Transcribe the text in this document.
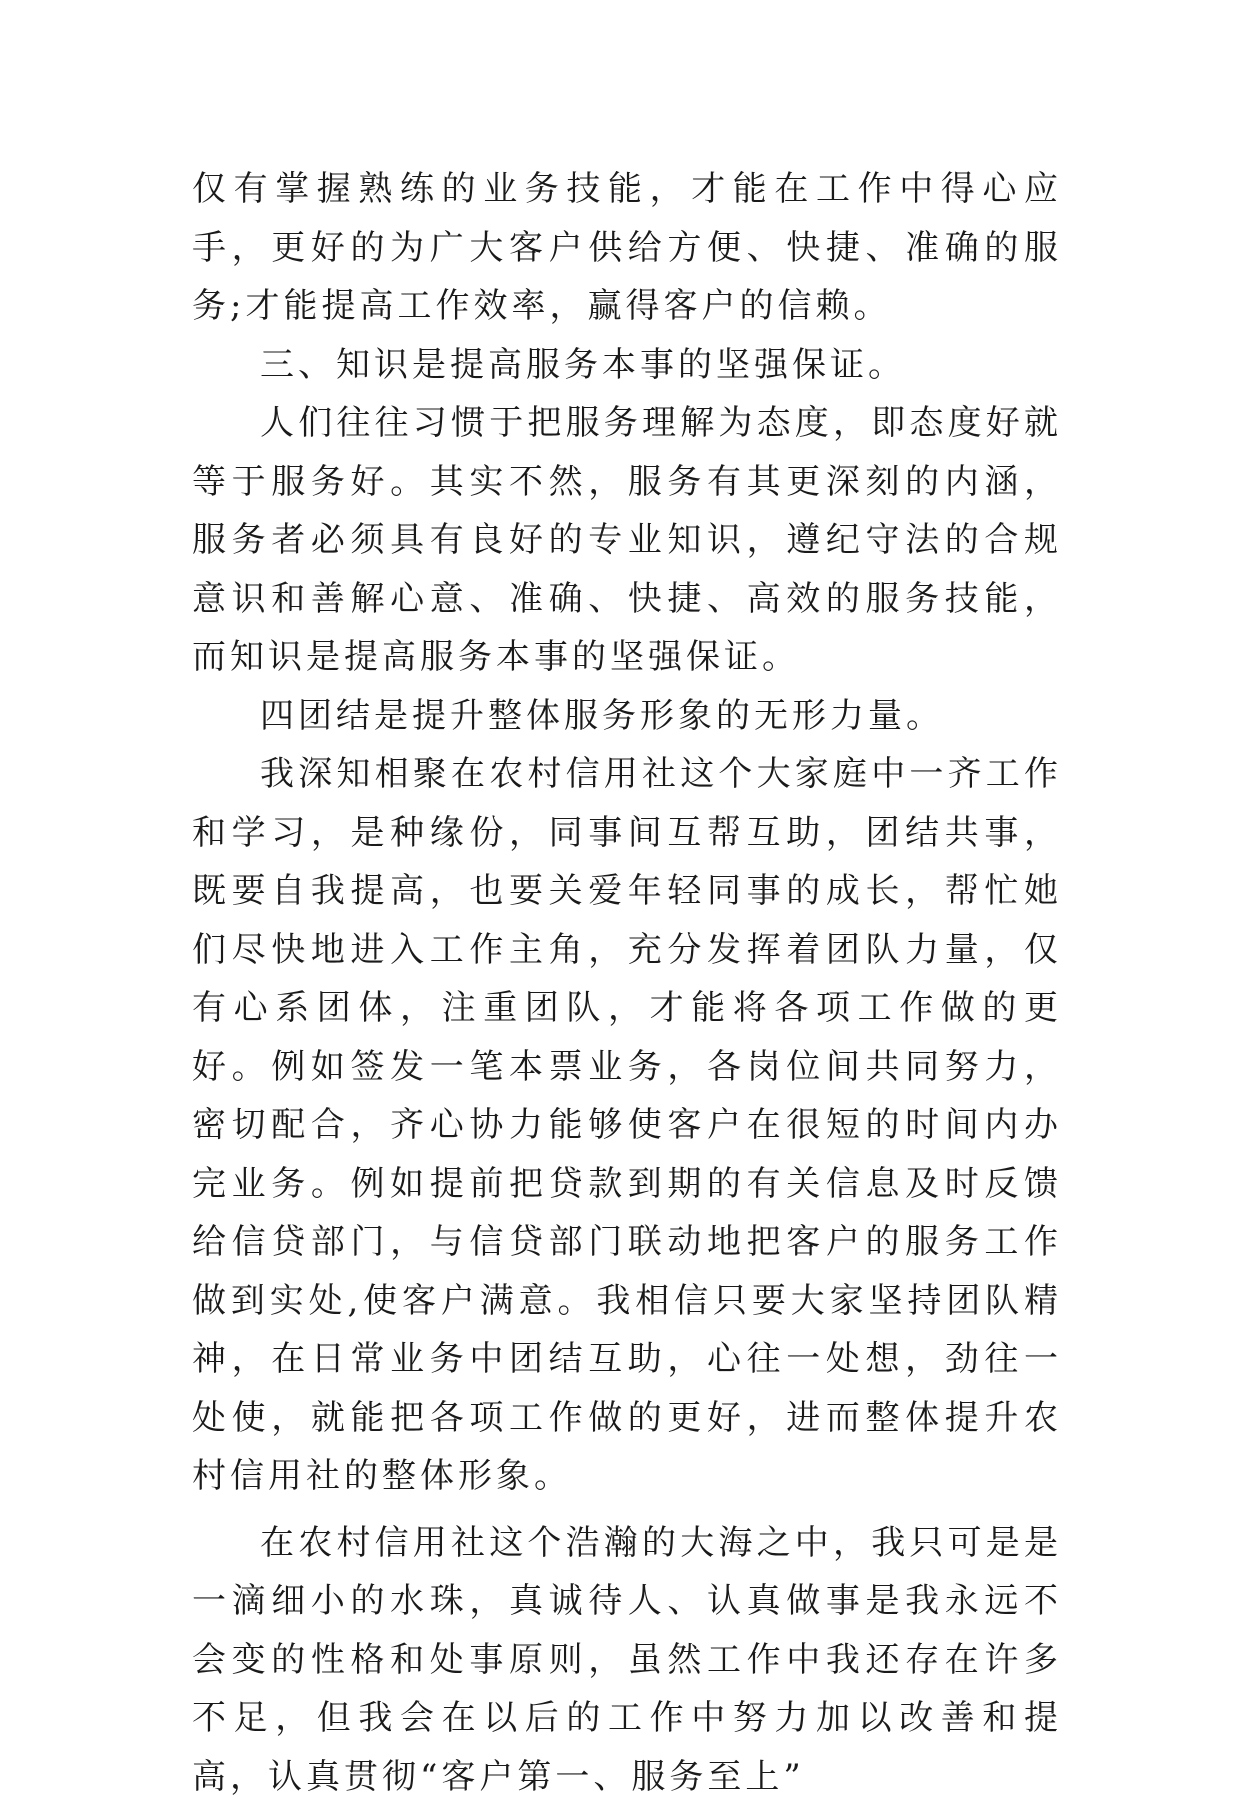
仅有掌握熟练的业务技能，才能在工作中得心应手，更好的为广大客户供给方便、快捷、准确的服务;才能提高工作效率，赢得客户的信赖。

三、知识是提高服务本事的坚强保证。

人们往往习惯于把服务理解为态度，即态度好就等于服务好。其实不然，服务有其更深刻的内涵，服务者必须具有良好的专业知识，遵纪守法的合规意识和善解心意、准确、快捷、高效的服务技能，而知识是提高服务本事的坚强保证。

四团结是提升整体服务形象的无形力量。

我深知相聚在农村信用社这个大家庭中一齐工作和学习，是种缘份，同事间互帮互助，团结共事，既要自我提高，也要关爱年轻同事的成长，帮忙她们尽快地进入工作主角，充分发挥着团队力量，仅有心系团体，注重团队，才能将各项工作做的更好。例如签发一笔本票业务，各岗位间共同努力，密切配合，齐心协力能够使客户在很短的时间内办完业务。例如提前把贷款到期的有关信息及时反馈给信贷部门，与信贷部门联动地把客户的服务工作做到实处,使客户满意。我相信只要大家坚持团队精神，在日常业务中团结互助，心往一处想，劲往一处使，就能把各项工作做的更好，进而整体提升农村信用社的整体形象。

在农村信用社这个浩瀚的大海之中，我只可是是一滴细小的水珠，真诚待人、认真做事是我永远不会变的性格和处事原则，虽然工作中我还存在许多不足，但我会在以后的工作中努力加以改善和提高，认真贯彻“客户第一、服务至上”
